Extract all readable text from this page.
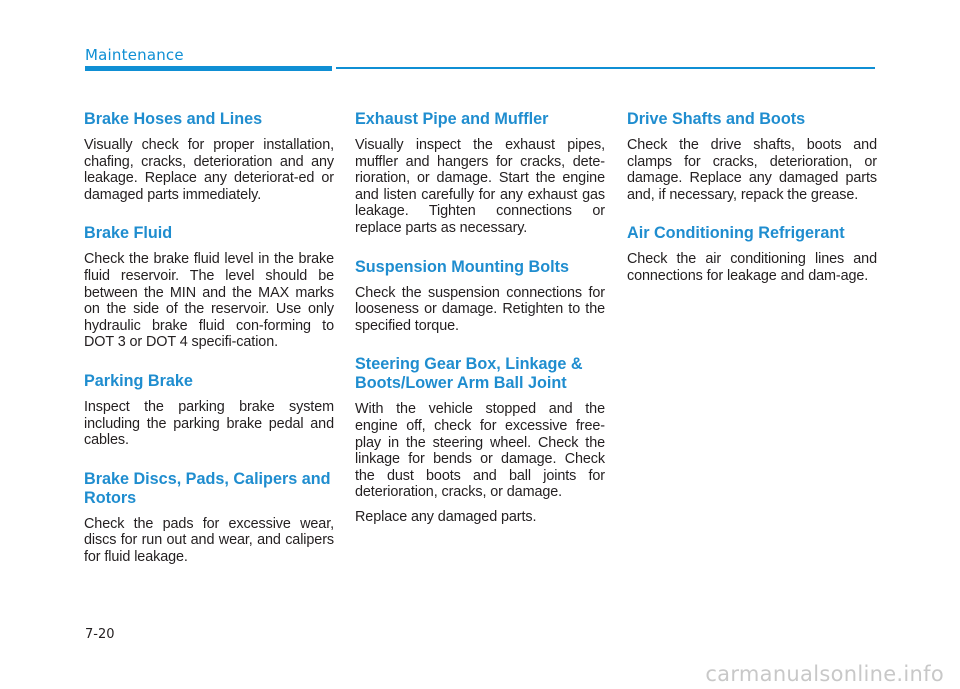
Maintenance
Brake Hoses and Lines

Visually check for proper installation, chafing, cracks, deterioration and any leakage. Replace any deteriorat-ed or damaged parts immediately.

Brake Fluid

Check the brake fluid level in the brake fluid reservoir. The level should be between the MIN and the MAX marks on the side of the reservoir. Use only hydraulic brake fluid con-forming to DOT 3 or DOT 4 specifi-cation.

Parking Brake

Inspect the parking brake system including the parking brake pedal and cables.

Brake Discs, Pads, Calipers and Rotors

Check the pads for excessive wear, discs for run out and wear, and calipers for fluid leakage.

Exhaust Pipe and Muffler

Visually inspect the exhaust pipes, muffler and hangers for cracks, dete-rioration, or damage. Start the engine and listen carefully for any exhaust gas leakage. Tighten connections or replace parts as necessary.

Suspension Mounting Bolts

Check the suspension connections for looseness or damage. Retighten to the specified torque.

Steering Gear Box, Linkage & Boots/Lower Arm Ball Joint

With the vehicle stopped and the engine off, check for excessive free-play in the steering wheel. Check the linkage for bends or damage. Check the dust boots and ball joints for deterioration, cracks, or damage.

Replace any damaged parts.

Drive Shafts and Boots

Check the drive shafts, boots and clamps for cracks, deterioration, or damage. Replace any damaged parts and, if necessary, repack the grease.

Air Conditioning Refrigerant

Check the air conditioning lines and connections for leakage and dam-age.

7-20
carmanualsonline.info
